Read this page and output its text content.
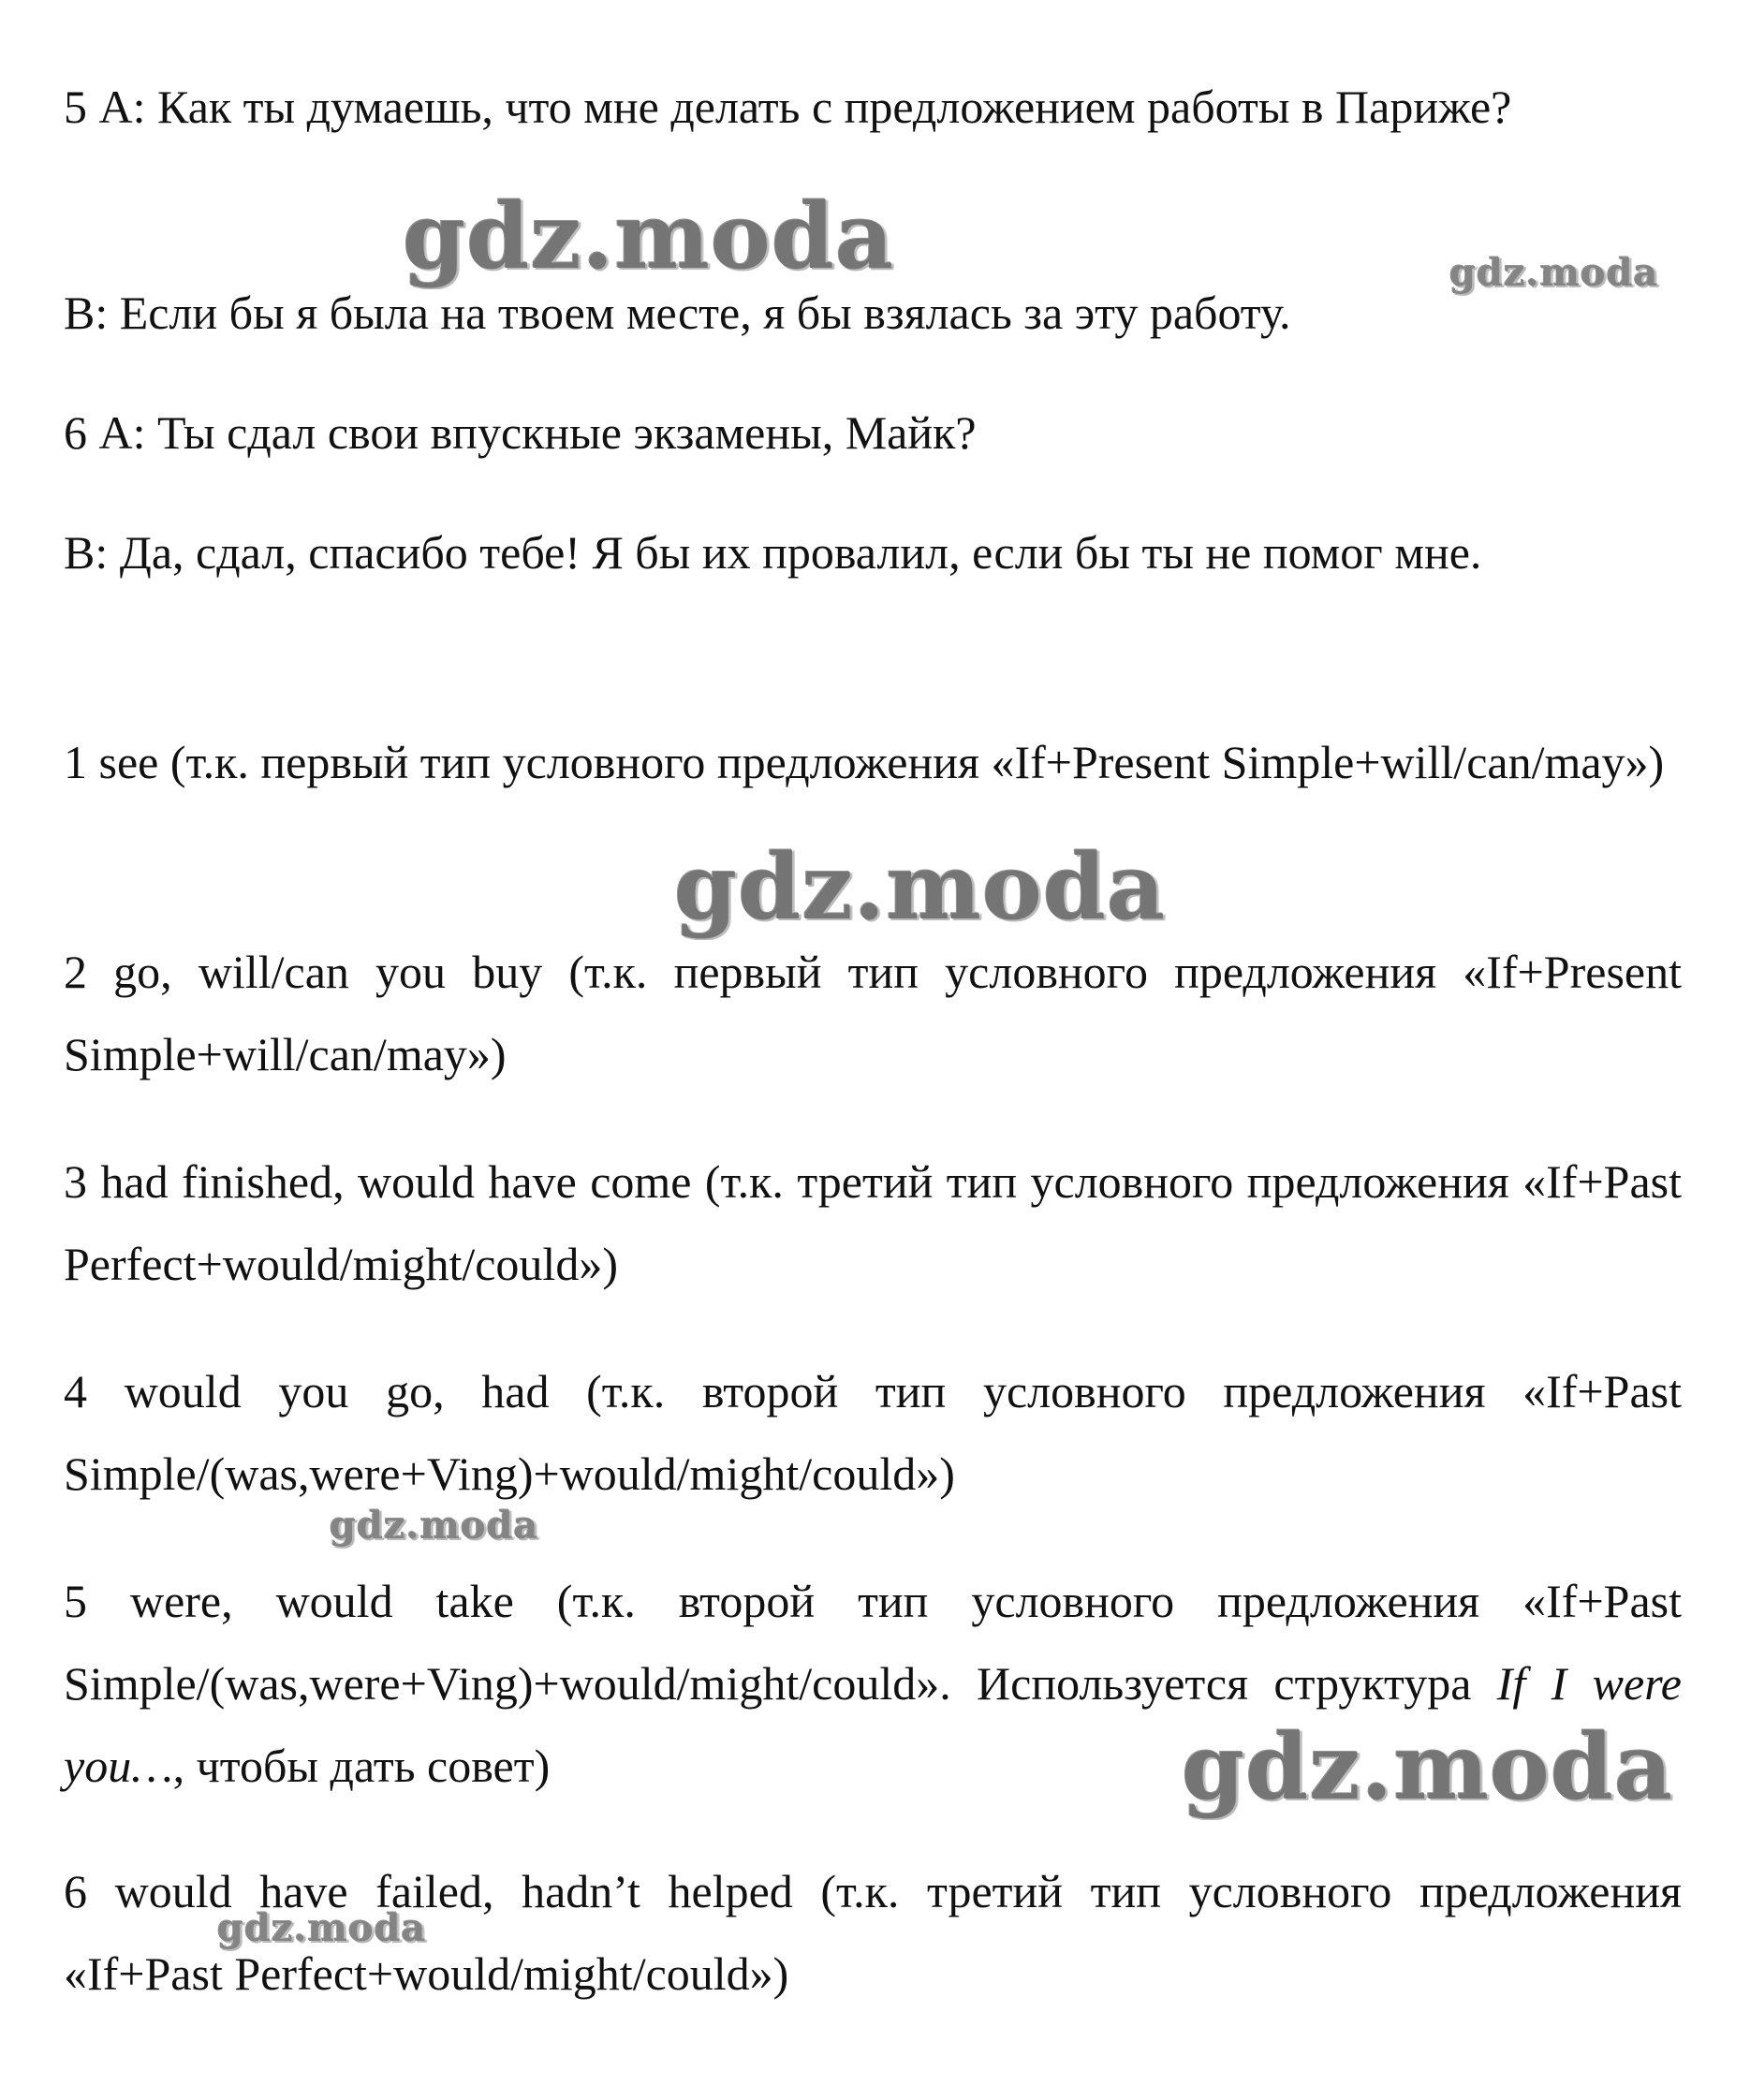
5 А: Как ты думаешь, что мне делать с предложением работы в Париже?

В: Если бы я была на твоем месте, я бы взялась за эту работу.

6 А: Ты сдал свои впускные экзамены, Майк?

В: Да, сдал, спасибо тебе! Я бы их провалил, если бы ты не помог мне.

1 see (т.к. первый тип условного предложения «If+Present Simple+will/can/may»)

2 go, will/can you buy (т.к. первый тип условного предложения «If+Present Simple+will/can/may»)

3 had finished, would have come (т.к. третий тип условного предложения «If+Past Perfect+would/might/could»)

4 would you go, had (т.к. второй тип условного предложения «If+Past Simple/(was,were+Ving)+would/might/could»)

5 were, would take (т.к. второй тип условного предложения «If+Past Simple/(was,were+Ving)+would/might/could». Используется структура If I were you…, чтобы дать совет)

6 would have failed, hadn’t helped (т.к. третий тип условного предложения «If+Past Perfect+would/might/could»)

gdz.moda	gdz.moda
gdz.moda
gdz.moda
gdz.moda
gdz.moda
